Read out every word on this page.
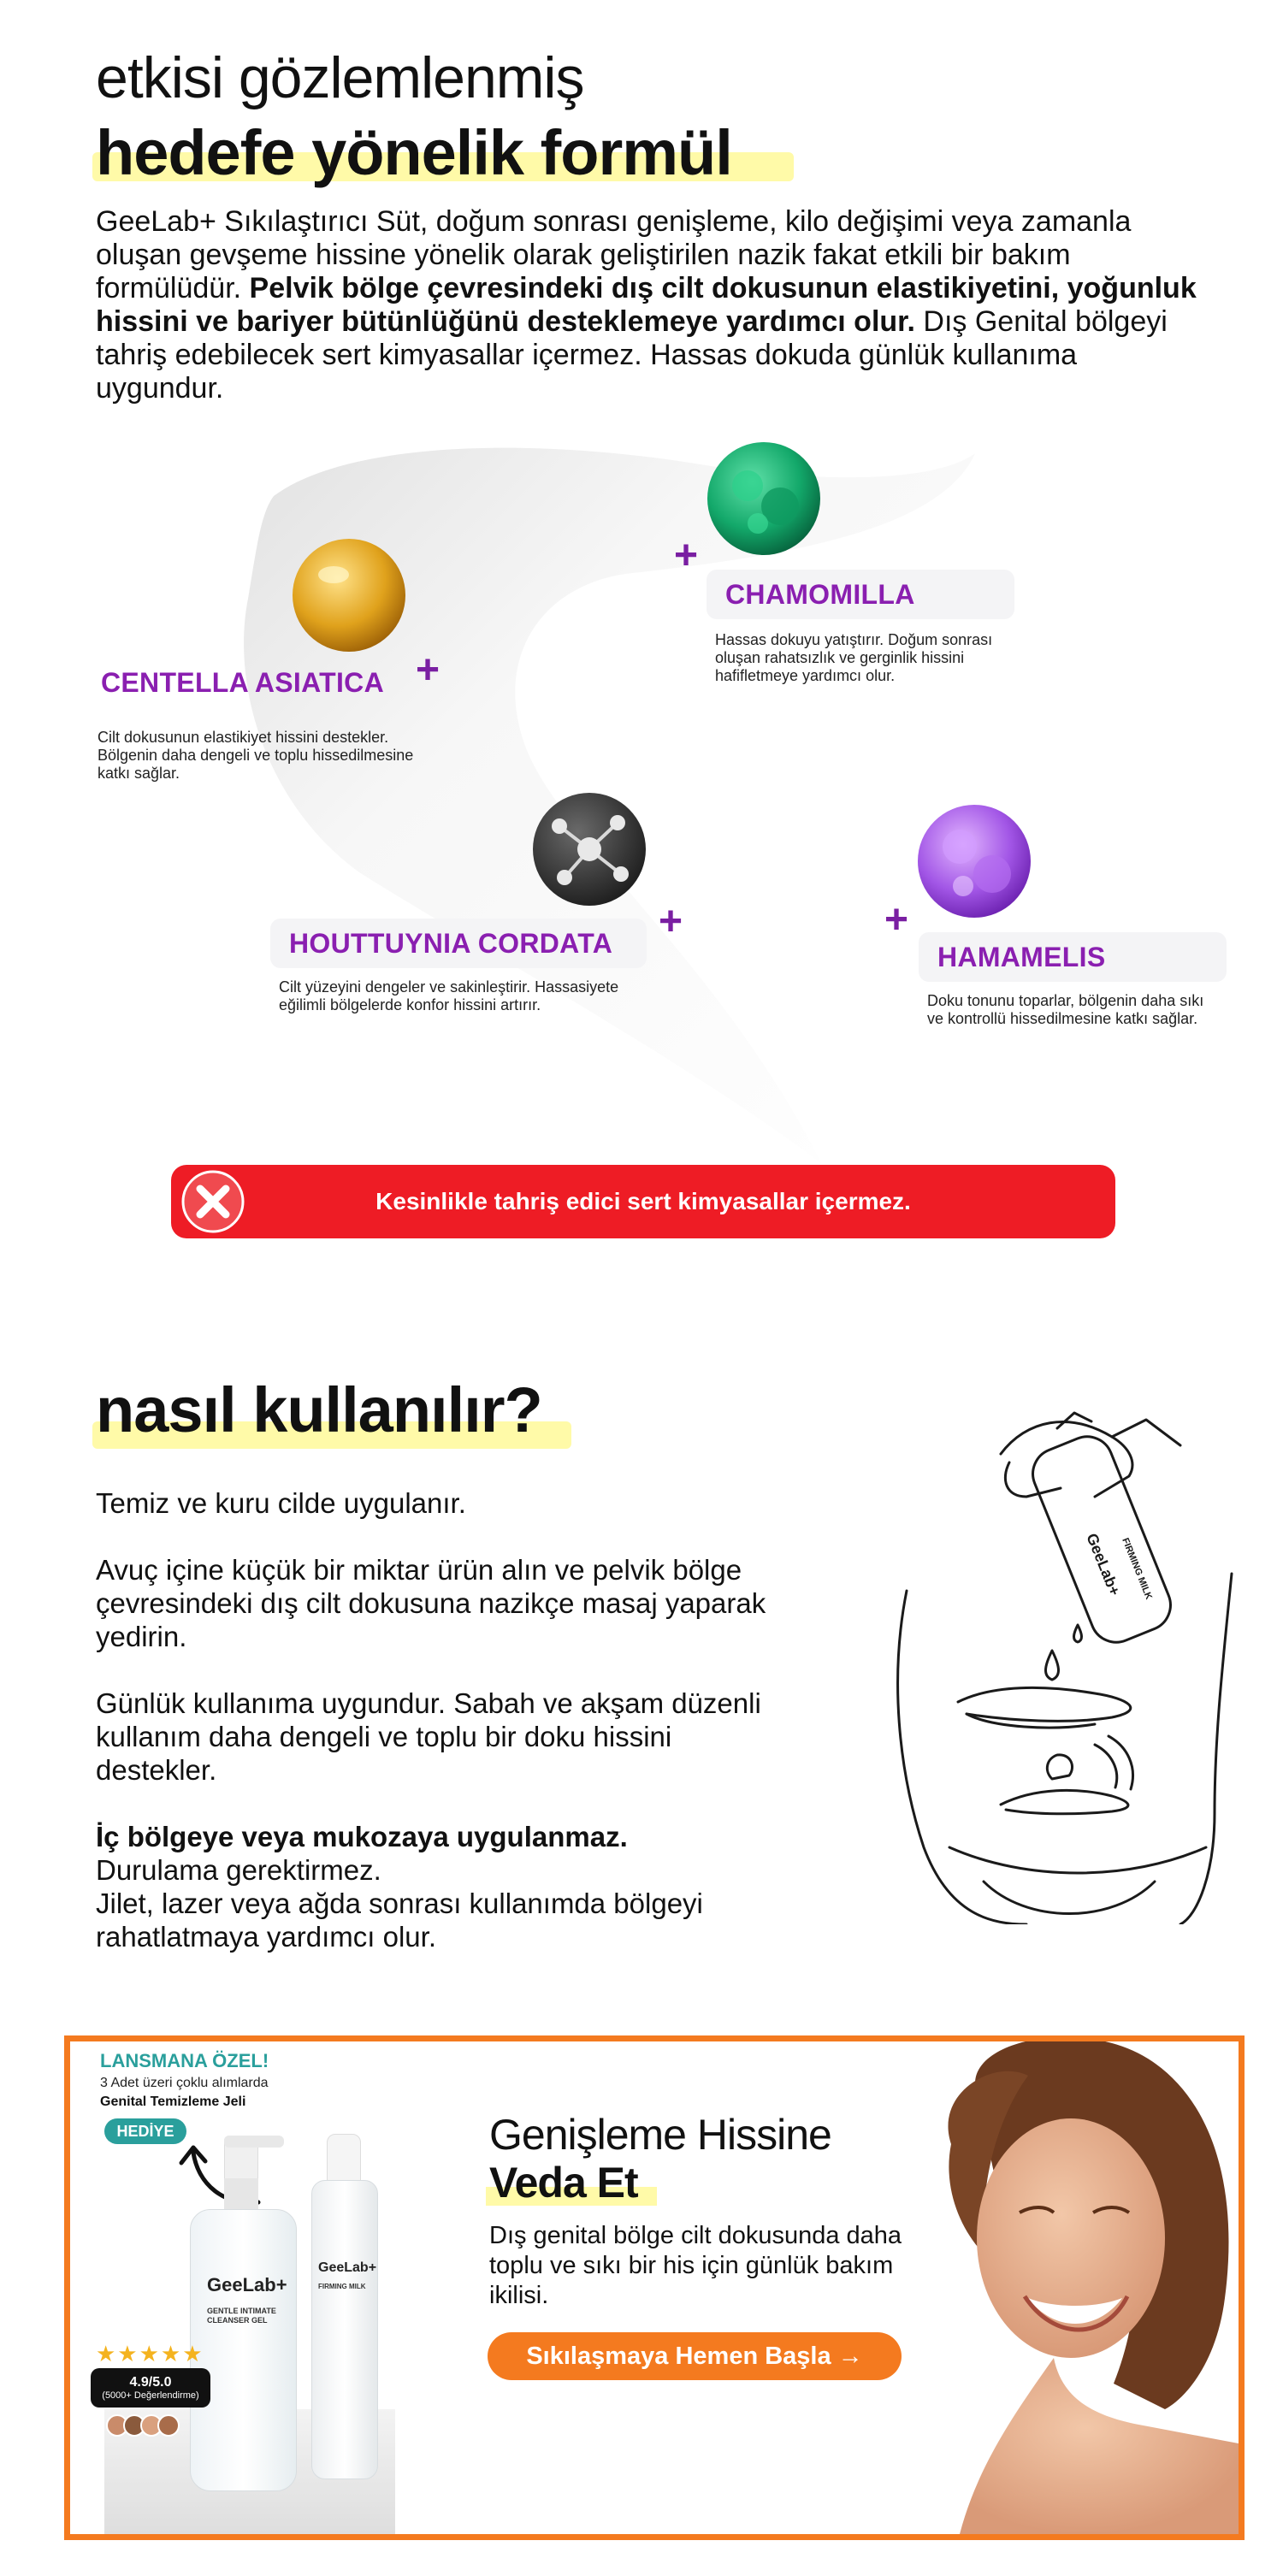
etkisi gözlemlenmiş
hedefe yönelik formül
GeeLab+ Sıkılaştırıcı Süt, doğum sonrası genişleme, kilo değişimi veya zamanla oluşan gevşeme hissine yönelik olarak geliştirilen nazik fakat etkili bir bakım formülüdür. Pelvik bölge çevresindeki dış cilt dokusunun elastikiyetini, yoğunluk hissini ve bariyer bütünlüğünü desteklemeye yardımcı olur. Dış Genital bölgeyi tahriş edebilecek sert kimyasallar içermez. Hassas dokuda günlük kullanıma uygundur.
+
CENTELLA ASIATICA
Cilt dokusunun elastikiyet hissini destekler. Bölgenin daha dengeli ve toplu hissedilmesine katkı sağlar.
+
CHAMOMILLA
Hassas dokuyu yatıştırır. Doğum sonrası oluşan rahatsızlık ve gerginlik hissini hafifletmeye yardımcı olur.
+
HOUTTUYNIA CORDATA
Cilt yüzeyini dengeler ve sakinleştirir. Hassasiyete eğilimli bölgelerde konfor hissini artırır.
+
HAMAMELIS
Doku tonunu toparlar, bölgenin daha sıkı ve kontrollü hissedilmesine katkı sağlar.
Kesinlikle tahriş edici sert kimyasallar içermez.
nasıl kullanılır?

Temiz ve kuru cilde uygulanır.

Avuç içine küçük bir miktar ürün alın ve pelvik bölge çevresindeki dış cilt dokusuna nazikçe masaj yaparak yedirin.

Günlük kullanıma uygundur. Sabah ve akşam düzenli kullanım daha dengeli ve toplu bir doku hissini destekler.

İç bölgeye veya mukozaya uygulanmaz.
Durulama gerektirmez.
Jilet, lazer veya ağda sonrası kullanımda bölgeyi rahatlatmaya yardımcı olur.
GeeLab+
FIRMING MILK
LANSMANA ÖZEL!
3 Adet üzeri çoklu alımlarda
Genital Temizleme Jeli
HEDİYE
GeeLab+
GENTLE INTIMATE CLEANSER GEL
GeeLab+
FIRMING MILK
★★★★★
4.9/5.0
(5000+ Değerlendirme)
Genişleme Hissine
Veda Et
Dış genital bölge cilt dokusunda daha toplu ve sıkı bir his için günlük bakım ikilisi.
Sıkılaşmaya Hemen Başla →
